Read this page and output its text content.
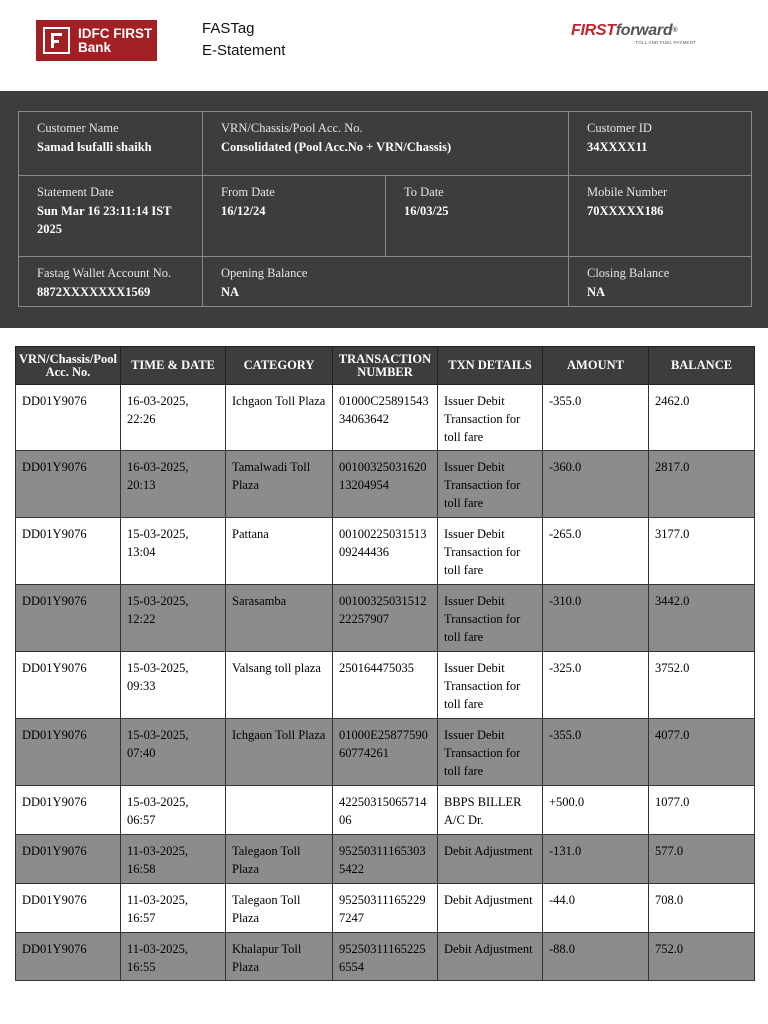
IDFC FIRST
Bank
FASTag
E-Statement
FIRSTforward®
TOLL AND FUEL PAYMENT
Customer Name
Samad lsufalli shaikh
VRN/Chassis/Pool Acc. No.
Consolidated (Pool Acc.No + VRN/Chassis)
Customer ID
34XXXX11
Statement Date
Sun Mar 16 23:11:14 IST 2025
From Date
16/12/24
To Date
16/03/25
Mobile Number
70XXXXX186
Fastag Wallet Account No.
8872XXXXXXX1569
Opening Balance
NA
Closing Balance
NA
VRN/Chassis/Pool Acc. No.	TIME & DATE	CATEGORY	TRANSACTION NUMBER	TXN DETAILS	AMOUNT	BALANCE
DD01Y9076	16-03-2025, 22:26	Ichgaon Toll Plaza	01000C2589154334063642	Issuer Debit Transaction for toll fare	-355.0	2462.0
DD01Y9076	16-03-2025, 20:13	Tamalwadi Toll Plaza	0010032503162013204954	Issuer Debit Transaction for toll fare	-360.0	2817.0
DD01Y9076	15-03-2025, 13:04	Pattana	0010022503151309244436	Issuer Debit Transaction for toll fare	-265.0	3177.0
DD01Y9076	15-03-2025, 12:22	Sarasamba	0010032503151222257907	Issuer Debit Transaction for toll fare	-310.0	3442.0
DD01Y9076	15-03-2025, 09:33	Valsang toll plaza	250164475035	Issuer Debit Transaction for toll fare	-325.0	3752.0
DD01Y9076	15-03-2025, 07:40	Ichgaon Toll Plaza	01000E2587759060774261	Issuer Debit Transaction for toll fare	-355.0	4077.0
DD01Y9076	15-03-2025, 06:57		4225031506571406	BBPS BILLER A/C Dr.	+500.0	1077.0
DD01Y9076	11-03-2025, 16:58	Talegaon Toll Plaza	952503111653035422	Debit Adjustment	-131.0	577.0
DD01Y9076	11-03-2025, 16:57	Talegaon Toll Plaza	952503111652297247	Debit Adjustment	-44.0	708.0
DD01Y9076	11-03-2025, 16:55	Khalapur Toll Plaza	952503111652256554	Debit Adjustment	-88.0	752.0
